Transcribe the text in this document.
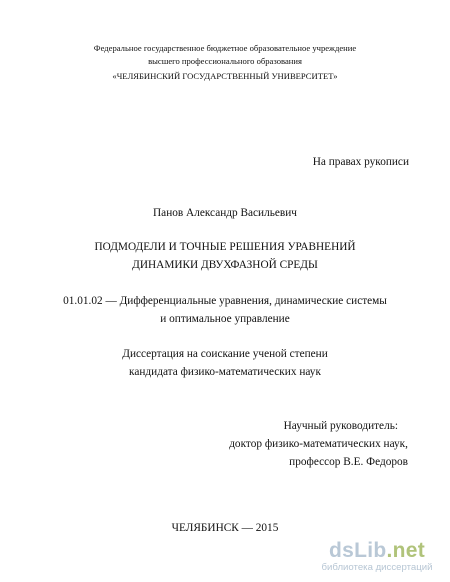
Федеральное государственное бюджетное образовательное учреждение
высшего профессионального образования
«ЧЕЛЯБИНСКИЙ ГОСУДАРСТВЕННЫЙ УНИВЕРСИТЕТ»
На правах рукописи
Панов Александр Васильевич
ПОДМОДЕЛИ И ТОЧНЫЕ РЕШЕНИЯ УРАВНЕНИЙ
ДИНАМИКИ ДВУХФАЗНОЙ СРЕДЫ
01.01.02 — Дифференциальные уравнения, динамические системы
и оптимальное управление
Диссертация на соискание ученой степени
кандидата физико-математических наук
Научный руководитель:
доктор физико-математических наук,
профессор В.Е. Федоров
ЧЕЛЯБИНСК — 2015
dsLib.net
библиотека диссертаций
